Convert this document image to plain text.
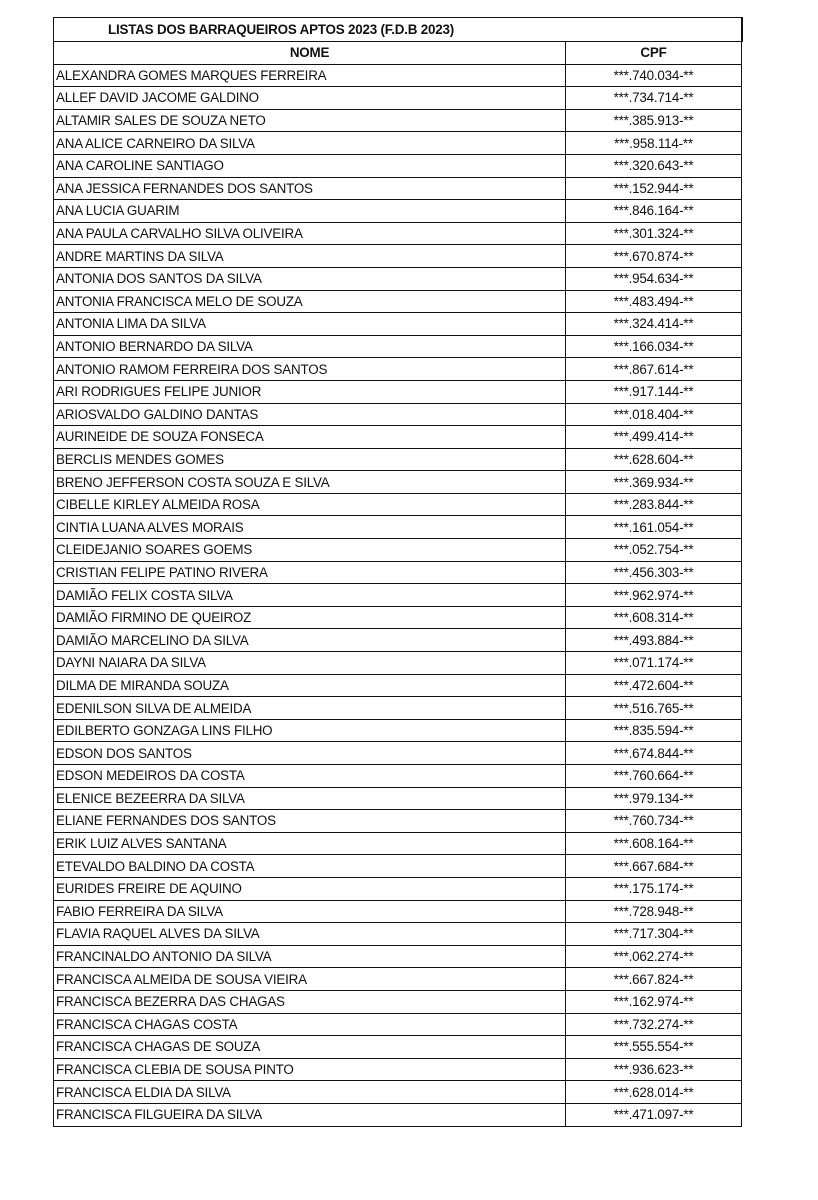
LISTAS DOS BARRAQUEIROS APTOS 2023 (F.D.B 2023)	
NOME	CPF
ALEXANDRA GOMES MARQUES FERREIRA	***.740.034-**
ALLEF DAVID JACOME GALDINO	***.734.714-**
ALTAMIR SALES DE SOUZA NETO	***.385.913-**
ANA ALICE CARNEIRO DA SILVA	***.958.114-**
ANA CAROLINE SANTIAGO	***.320.643-**
ANA JESSICA FERNANDES DOS SANTOS	***.152.944-**
ANA LUCIA GUARIM	***.846.164-**
ANA PAULA CARVALHO SILVA OLIVEIRA	***.301.324-**
ANDRE MARTINS DA SILVA	***.670.874-**
ANTONIA DOS SANTOS DA SILVA	***.954.634-**
ANTONIA FRANCISCA MELO DE SOUZA	***.483.494-**
ANTONIA LIMA DA SILVA	***.324.414-**
ANTONIO BERNARDO DA SILVA	***.166.034-**
ANTONIO RAMOM FERREIRA DOS SANTOS	***.867.614-**
ARI RODRIGUES FELIPE JUNIOR	***.917.144-**
ARIOSVALDO GALDINO DANTAS	***.018.404-**
AURINEIDE DE SOUZA FONSECA	***.499.414-**
BERCLIS MENDES GOMES	***.628.604-**
BRENO JEFFERSON COSTA SOUZA E SILVA	***.369.934-**
CIBELLE KIRLEY ALMEIDA ROSA	***.283.844-**
CINTIA LUANA ALVES MORAIS	***.161.054-**
CLEIDEJANIO SOARES GOEMS	***.052.754-**
CRISTIAN FELIPE PATINO RIVERA	***.456.303-**
DAMIÃO FELIX COSTA SILVA	***.962.974-**
DAMIÃO FIRMINO DE QUEIROZ	***.608.314-**
DAMIÃO MARCELINO DA SILVA	***.493.884-**
DAYNI NAIARA DA SILVA	***.071.174-**
DILMA DE MIRANDA SOUZA	***.472.604-**
EDENILSON SILVA DE ALMEIDA	***.516.765-**
EDILBERTO GONZAGA LINS FILHO	***.835.594-**
EDSON DOS SANTOS	***.674.844-**
EDSON MEDEIROS DA COSTA	***.760.664-**
ELENICE BEZEERRA DA SILVA	***.979.134-**
ELIANE FERNANDES DOS SANTOS	***.760.734-**
ERIK LUIZ ALVES SANTANA	***.608.164-**
ETEVALDO BALDINO DA COSTA	***.667.684-**
EURIDES FREIRE DE AQUINO	***.175.174-**
FABIO FERREIRA DA SILVA	***.728.948-**
FLAVIA RAQUEL ALVES DA SILVA	***.717.304-**
FRANCINALDO ANTONIO DA SILVA	***.062.274-**
FRANCISCA ALMEIDA DE SOUSA VIEIRA	***.667.824-**
FRANCISCA BEZERRA DAS CHAGAS	***.162.974-**
FRANCISCA CHAGAS COSTA	***.732.274-**
FRANCISCA CHAGAS DE SOUZA	***.555.554-**
FRANCISCA CLEBIA DE SOUSA PINTO	***.936.623-**
FRANCISCA ELDIA DA SILVA	***.628.014-**
FRANCISCA FILGUEIRA DA SILVA	***.471.097-**
